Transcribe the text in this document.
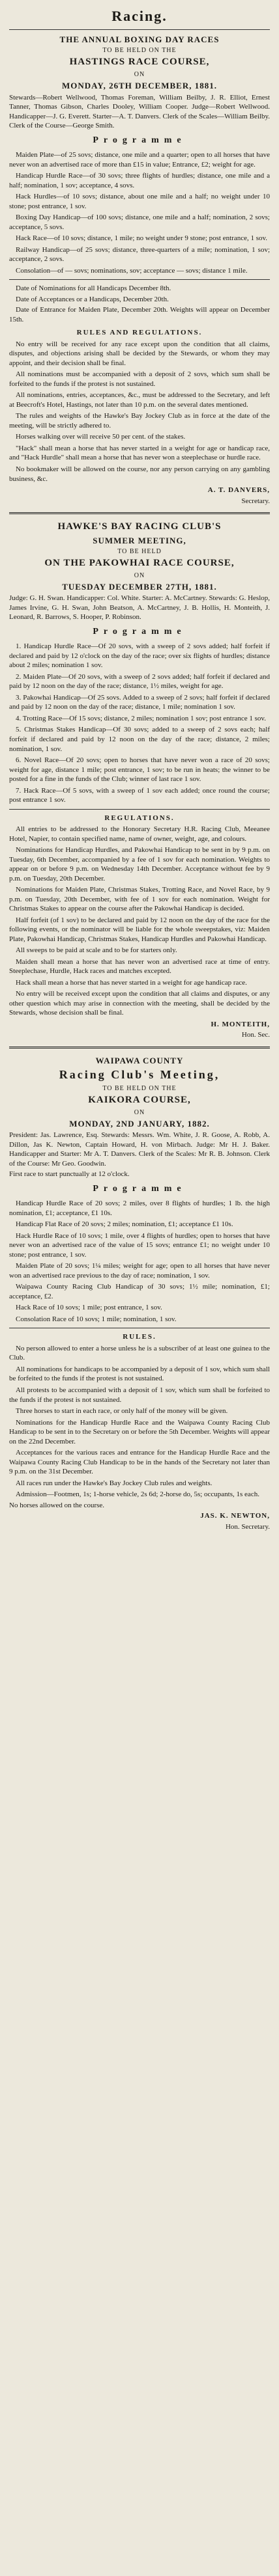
Racing.
THE ANNUAL BOXING DAY RACES
TO BE HELD ON THE
HASTINGS RACE COURSE,
ON
MONDAY, 26TH DECEMBER, 1881.

Stewards—Robert Wellwood, Thomas Foreman, William Beilby, J. R. Elliot, Ernest Tanner, Thomas Gibson, Charles Dooley, William Cooper. Judge—Robert Wellwood. Handicapper—J. G. Everett. Starter—A. T. Danvers. Clerk of the Scales—William Beilby. Clerk of the Course—George Smith.

Programme
Maiden Plate—of 25 sovs; distance, one mile and a quarter; open to all horses that have never won an advertised race of more than £15 in value; Entrance, £2; weight for age.
Handicap Hurdle Race—of 30 sovs; three flights of hurdles; distance, one mile and a half; nomination, 1 sov; acceptance, 4 sovs.
Hack Hurdles—of 10 sovs; distance, about one mile and a half; no weight under 10 stone; post entrance, 1 sov.
Boxing Day Handicap—of 100 sovs; distance, one mile and a half; nomination, 2 sovs; acceptance, 5 sovs.
Hack Race—of 10 sovs; distance, 1 mile; no weight under 9 stone; post entrance, 1 sov.
Railway Handicap—of 25 sovs; distance, three-quarters of a mile; nomination, 1 sov; acceptance, 2 sovs.
Consolation—of — sovs; nominations, sov; acceptance — sovs; distance 1 mile.

Date of Nominations for all Handicaps December 8th.

Date of Acceptances or a Handicaps, December 20th.

Date of Entrance for Maiden Plate, December 20th. Weights will appear on December 15th.

RULES AND REGULATIONS.
No entry will be received for any race except upon the condition that all claims, disputes, and objections arising shall be decided by the Stewards, or whom they may appoint, and their decision shall be final.
All nominations must be accompanied with a deposit of 2 sovs, which sum shall be forfeited to the funds if the protest is not sustained.
All nominations, entries, acceptances, &c., must be addressed to the Secretary, and left at Beecroft's Hotel, Hastings, not later than 10 p.m. on the several dates mentioned.
The rules and weights of the Hawke's Bay Jockey Club as in force at the date of the meeting, will be strictly adhered to.
Horses walking over will receive 50 per cent. of the stakes.
"Hack" shall mean a horse that has never started in a weight for age or handicap race, and "Hack Hurdle" shall mean a horse that has never won a steeplechase or hurdle race.
No bookmaker will be allowed on the course, nor any person carrying on any gambling business, &c.
A. T. DANVERS,
Secretary.
HAWKE'S BAY RACING CLUB'S
SUMMER MEETING,
TO BE HELD
ON THE PAKOWHAI RACE COURSE,
ON
TUESDAY DECEMBER 27TH, 1881.

Judge: G. H. Swan. Handicapper: Col. White. Starter: A. McCartney. Stewards: G. Heslop, James Irvine, G. H. Swan, John Beatson, A. McCartney, J. B. Hollis, H. Monteith, J. Leonard, R. Barrows, S. Hooper, P. Robinson.

Programme
1. Handicap Hurdle Race—Of 20 sovs, with a sweep of 2 sovs added; half forfeit if declared and paid by 12 o'clock on the day of the race; over six flights of hurdles; distance about 2 miles; nomination 1 sov.
2. Maiden Plate—Of 20 sovs, with a sweep of 2 sovs added; half forfeit if declared and paid by 12 noon on the day of the race; distance, 1½ miles, weight for age.
3. Pakowhai Handicap—Of 25 sovs. Added to a sweep of 2 sovs; half forfeit if declared and paid by 12 noon on the day of the race; distance, 1 mile; nomination 1 sov.
4. Trotting Race—Of 15 sovs; distance, 2 miles; nomination 1 sov; post entrance 1 sov.
5. Christmas Stakes Handicap—Of 30 sovs; added to a sweep of 2 sovs each; half forfeit if declared and paid by 12 noon on the day of the race; distance, 2 miles; nomination, 1 sov.
6. Novel Race—Of 20 sovs; open to horses that have never won a race of 20 sovs; weight for age, distance 1 mile; post entrance, 1 sov; to be run in heats; the winner to be posted for a fine in the funds of the Club; winner of last race 1 sov.
7. Hack Race—Of 5 sovs, with a sweep of 1 sov each added; once round the course; post entrance 1 sov.
REGULATIONS.
All entries to be addressed to the Honorary Secretary H.R. Racing Club, Meeanee Hotel, Napier, to contain specified name, name of owner, weight, age, and colours.
Nominations for Handicap Hurdles, and Pakowhai Handicap to be sent in by 9 p.m. on Tuesday, 6th December, accompanied by a fee of 1 sov for each nomination. Weights to appear on or before 9 p.m. on Wednesday 14th December. Acceptance without fee by 9 p.m. on Tuesday, 20th December.
Nominations for Maiden Plate, Christmas Stakes, Trotting Race, and Novel Race, by 9 p.m. on Tuesday, 20th December, with fee of 1 sov for each nomination. Weight for Christmas Stakes to appear on the course after the Pakowhai Handicap is decided.
Half forfeit (of 1 sov) to be declared and paid by 12 noon on the day of the race for the following events, or the nominator will be liable for the whole sweepstakes, viz: Maiden Plate, Pakowhai Handicap, Christmas Stakes, Handicap Hurdles and Pakowhai Handicap.
All sweeps to be paid at scale and to be for starters only.
Maiden shall mean a horse that has never won an advertised race at time of entry. Steeplechase, Hurdle, Hack races and matches excepted.
Hack shall mean a horse that has never started in a weight for age handicap race.
No entry will be received except upon the condition that all claims and disputes, or any other question which may arise in connection with the meeting, shall be decided by the Stewards, whose decision shall be final.
H. MONTEITH,
Hon. Sec.
WAIPAWA COUNTY
Racing Club's Meeting,
TO BE HELD ON THE
KAIKORA COURSE,
ON
MONDAY, 2ND JANUARY, 1882.

President: Jas. Lawrence, Esq. Stewards: Messrs. Wm. White, J. R. Goose, A. Robb, A. Dillon, Jas K. Newton, Captain Howard, H. von Mirbach. Judge: Mr H. J. Baker. Handicapper and Starter: Mr A. T. Danvers. Clerk of the Scales: Mr R. B. Johnson. Clerk of the Course: Mr Geo. Goodwin.

First race to start punctually at 12 o'clock.

Programme
Handicap Hurdle Race of 20 sovs; 2 miles, over 8 flights of hurdles; 1 lb. the high nomination, £1; acceptance, £1 10s.
Handicap Flat Race of 20 sovs; 2 miles; nomination, £1; acceptance £1 10s.
Hack Hurdle Race of 10 sovs; 1 mile, over 4 flights of hurdles; open to horses that have never won an advertised race of the value of 15 sovs; entrance £1; no weight under 10 stone; post entrance, 1 sov.
Maiden Plate of 20 sovs; 1¼ miles; weight for age; open to all horses that have never won an advertised race previous to the day of race; nomination, 1 sov.
Waipawa County Racing Club Handicap of 30 sovs; 1½ mile; nomination, £1; acceptance, £2.
Hack Race of 10 sovs; 1 mile; post entrance, 1 sov.
Consolation Race of 10 sovs; 1 mile; nomination, 1 sov.
RULES.
No person allowed to enter a horse unless he is a subscriber of at least one guinea to the Club.
All nominations for handicaps to be accompanied by a deposit of 1 sov, which sum shall be forfeited to the funds if the protest is not sustained.
All protests to be accompanied with a deposit of 1 sov, which sum shall be forfeited to the funds if the protest is not sustained.
Three horses to start in each race, or only half of the money will be given.
Nominations for the Handicap Hurdle Race and the Waipawa County Racing Club Handicap to be sent in to the Secretary on or before the 5th December. Weights will appear on the 22nd December.
Acceptances for the various races and entrance for the Handicap Hurdle Race and the Waipawa County Racing Club Handicap to be in the hands of the Secretary not later than 9 p.m. on the 31st December.
All races run under the Hawke's Bay Jockey Club rules and weights.

Admission—Footmen, 1s; 1-horse vehicle, 2s 6d; 2-horse do, 5s; occupants, 1s each.

No horses allowed on the course.

JAS. K. NEWTON,
Hon. Secretary.
